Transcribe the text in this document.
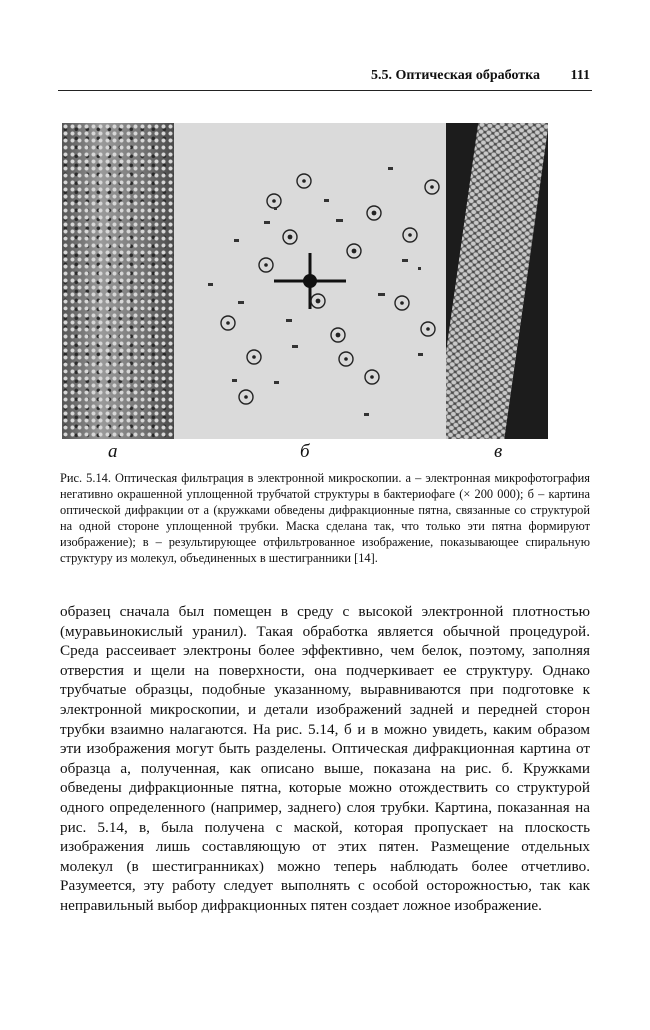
5.5. Оптическая обработка 111
а	б	в

Рис. 5.14. Оптическая фильтрация в электронной микроскопии. а – электронная микрофотография негативно окрашенной уплощенной трубчатой структуры в бактериофаге (× 200 000); б – картина оптической дифракции от а (кружками обведены дифракционные пятна, связанные со структурой на одной стороне уплощенной трубки. Маска сделана так, что только эти пятна формируют изображение); в – результирующее отфильтрованное изображение, показывающее спиральную структуру из молекул, объединенных в шестигранники [14].

образец сначала был помещен в среду с высокой электронной плотностью (муравьинокислый уранил). Такая обработка является обычной процедурой. Среда рассеивает электроны более эффективно, чем белок, поэтому, заполняя отверстия и щели на поверхности, она подчеркивает ее структуру. Однако трубчатые образцы, подобные указанному, выравниваются при подготовке к электронной микроскопии, и детали изображений задней и передней сторон трубки взаимно налагаются. На рис. 5.14, б и в можно увидеть, каким образом эти изображения могут быть разделены. Оптическая дифракционная картина от образца а, полученная, как описано выше, показана на рис. б. Кружками обведены дифракционные пятна, которые можно отождествить со структурой одного определенного (например, заднего) слоя трубки. Картина, показанная на рис. 5.14, в, была получена с маской, которая пропускает на плоскость изображения лишь составляющую от этих пятен. Размещение отдельных молекул (в шестигранниках) можно теперь наблюдать более отчетливо. Разумеется, эту работу следует выполнять с особой осторожностью, так как неправильный выбор дифракционных пятен создает ложное изображение.
